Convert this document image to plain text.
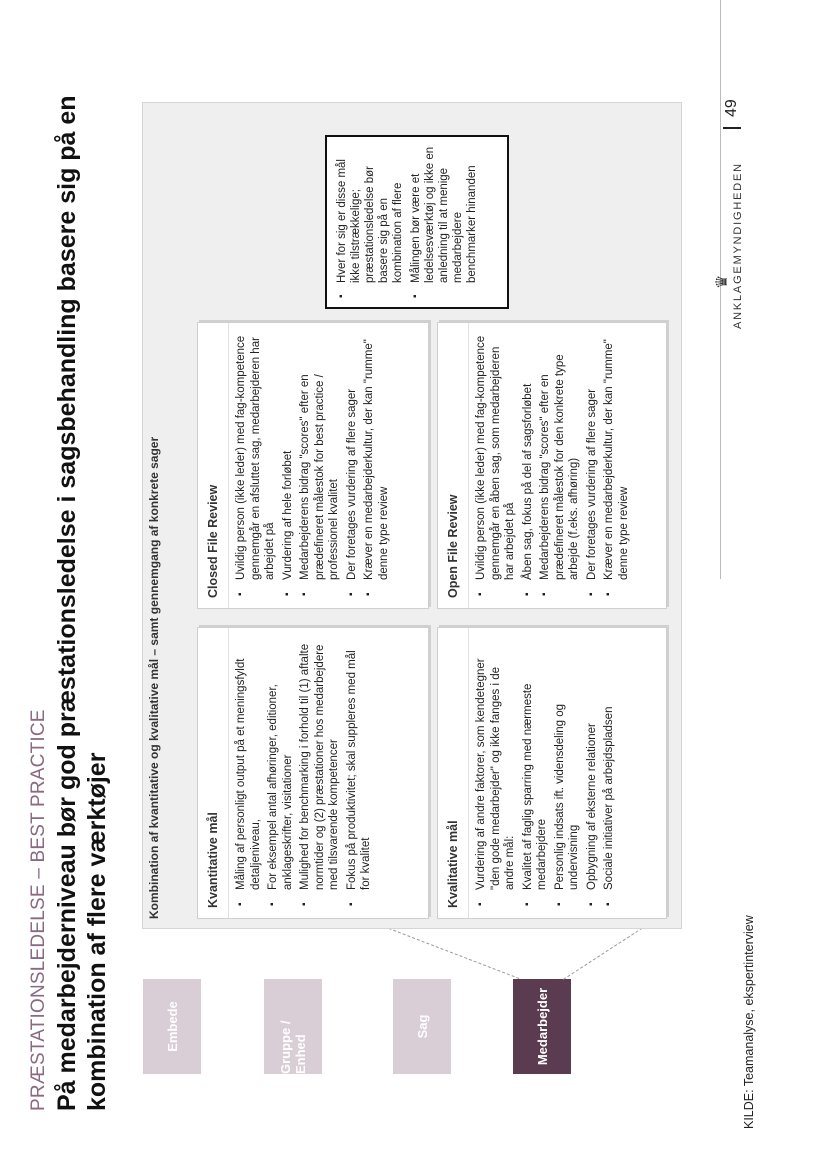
PRÆSTATIONSLEDELSE – BEST PRACTICE På medarbejderniveau bør god præstationsledelse i sagsbehandling basere sig på en kombination af flere værktøjer	Embede	Gruppe / Enhed
Sag	Medarbejder
Kombination af kvantitative og kvalitative mål – samt gennemgang af konkrete sager	Kvantitative mål ▪ Måling af personligt output på et meningsfyldt detaljeniveau, ▪ For eksempel antal afhøringer, editioner, anklageskrifter, visitationer ▪ Mulighed for benchmarking i forhold til (1) aftalte normtider og (2) præstationer hos medarbejdere med tilsvarende kompetencer ▪ Fokus på produktivitet; skal suppleres med mål for kvalitet
Closed File Review ▪ Uvildig person (ikke leder) med fag-kompetence gennemgår en afsluttet sag, medarbejderen har arbejdet på ▪ Vurdering af hele forløbet ▪ Medarbejderens bidrag "scores" efter en prædefineret målestok for best practice / professionel kvalitet ▪ Der foretages vurdering af flere sager ▪ Kræver en medarbejderkultur, der kan "rumme" denne type review
Kvalitative mål ▪ Vurdering af andre faktorer, som kendetegner "den gode medarbejder" og ikke fanges i de andre mål: ▪ Kvalitet af faglig sparring med nærmeste medarbejdere ▪ Personlig indsats ift. vidensdeling og undervisning ▪ Opbygning af eksterne relationer ▪ Sociale initiativer på arbejdspladsen
Open File Review ▪ Uvildig person (ikke leder) med fag-kompetence gennemgår en åben sag, som medarbejderen har arbejdet på ▪ Åben sag, fokus på del af sagsforløbet ▪ Medarbejderens bidrag "scores" efter en prædefineret målestok for den konkrete type arbejde (f.eks. afhøring) ▪ Der foretages vurdering af flere sager ▪ Kræver en medarbejderkultur, der kan "rumme" denne type review
▪ Hver for sig er disse mål ikke tilstrækkelige; præstationsledelse bør basere sig på en kombination af flere ▪ Målingen bør være et ledelsesværktøj og ikke en anledning til at menige medarbejdere benchmarker hinanden
KILDE: Teamanalyse, ekspertinterview
♛ ANKLAGEMYNDIGHEDEN
49
